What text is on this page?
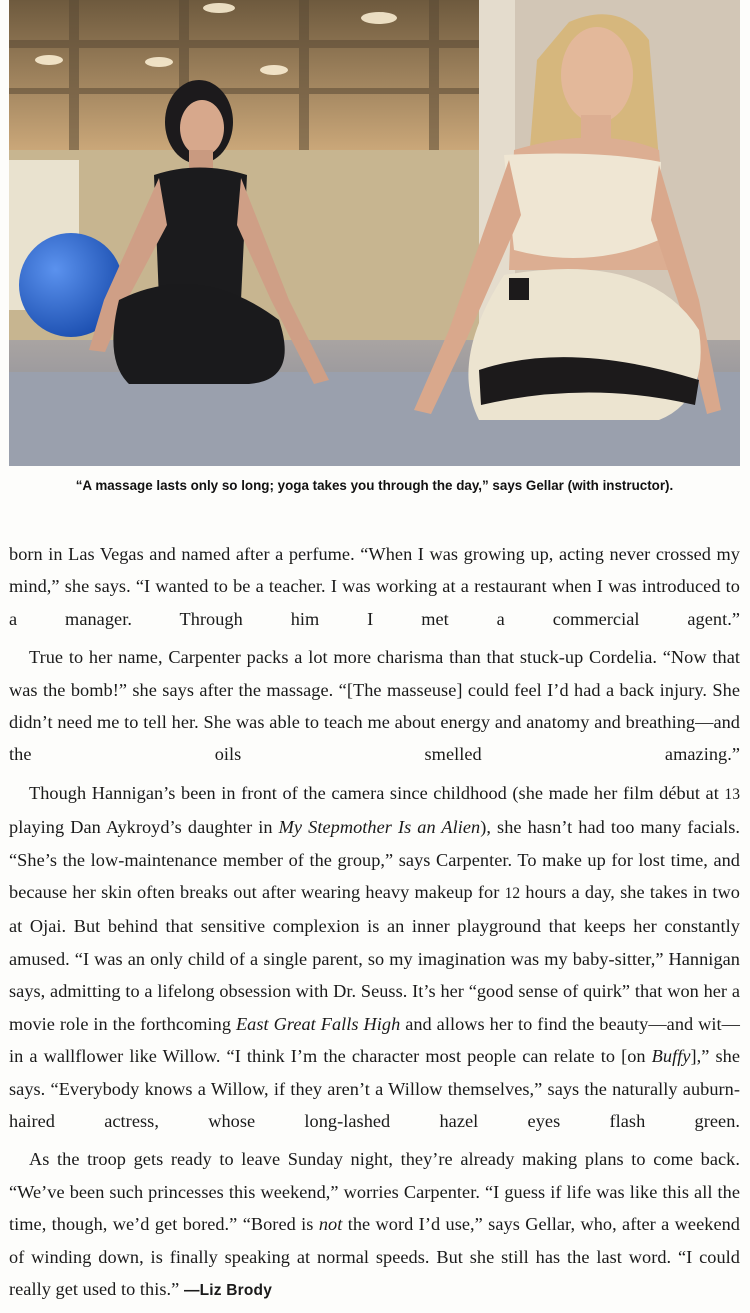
“A massage lasts only so long; yoga takes you through the day,” says Gellar (with instructor).

born in Las Vegas and named after a perfume. “When I was growing up, acting never crossed my mind,” she says. “I wanted to be a teacher. I was working at a restaurant when I was introduced to a manager. Through him I met a commercial agent.”

True to her name, Carpenter packs a lot more charisma than that stuck-up Cordelia. “Now that was the bomb!” she says after the massage. “[The masseuse] could feel I’d had a back injury. She didn’t need me to tell her. She was able to teach me about energy and anatomy and breathing—and the oils smelled amazing.”

Though Hannigan’s been in front of the camera since childhood (she made her film début at 13 playing Dan Aykroyd’s daughter in My Stepmother Is an Alien), she hasn’t had too many facials. “She’s the low-maintenance member of the group,” says Carpenter. To make up for lost time, and because her skin often breaks out after wearing heavy makeup for 12 hours a day, she takes in two at Ojai. But behind that sensitive complexion is an inner playground that keeps her constantly amused. “I was an only child of a single parent, so my imagination was my baby-sitter,” Hannigan says, admitting to a lifelong obsession with Dr. Seuss. It’s her “good sense of quirk” that won her a movie role in the forthcoming East Great Falls High and allows her to find the beauty—and wit—in a wallflower like Willow. “I think I’m the character most people can relate to [on Buffy],” she says. “Everybody knows a Willow, if they aren’t a Willow themselves,” says the naturally auburn-haired actress, whose long-lashed hazel eyes flash green.

As the troop gets ready to leave Sunday night, they’re already making plans to come back. “We’ve been such princesses this weekend,” worries Carpenter. “I guess if life was like this all the time, though, we’d get bored.” “Bored is not the word I’d use,” says Gellar, who, after a weekend of winding down, is finally speaking at normal speeds. But she still has the last word. “I could really get used to this.” —Liz Brody
